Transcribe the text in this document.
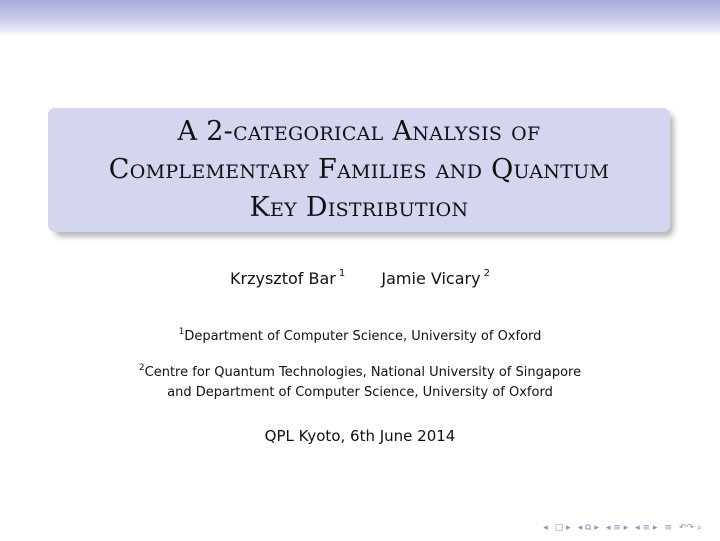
A 2-categorical Analysis of
Complementary Families and Quantum
Key Distribution
Krzysztof Bar $^1$ Jamie Vicary $^2$
$^1$Department of Computer Science, University of Oxford
$^2$Centre for Quantum Technologies, National University of Singapore
and Department of Computer Science, University of Oxford
QPL Kyoto, 6th June 2014
◂ □ ▸ ◂ ⧉ ▸ ◂ ≡ ▸ ◂ ≡ ▸ ≡ ↶↷ ⌕
